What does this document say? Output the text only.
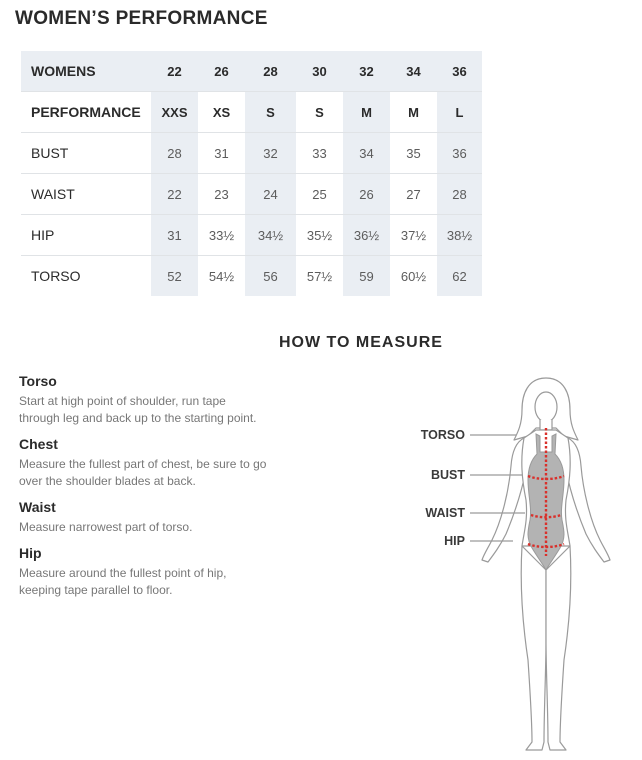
WOMEN’S PERFORMANCE
WOMENS	22	26	28	30	32	34	36
PERFORMANCE	XXS	XS	S	S	M	M	L
BUST	28	31	32	33	34	35	36
WAIST	22	23	24	25	26	27	28
HIP	31	33½	34½	35½	36½	37½	38½
TORSO	52	54½	56	57½	59	60½	62
HOW TO MEASURE
Torso

Start at high point of shoulder, run tape through leg and back up to the starting point.

Chest

Measure the fullest part of chest, be sure to go over the shoulder blades at back.

Waist

Measure narrowest part of torso.

Hip

Measure around the fullest point of hip, keeping tape parallel to floor.

TORSO
BUST
WAIST
HIP
